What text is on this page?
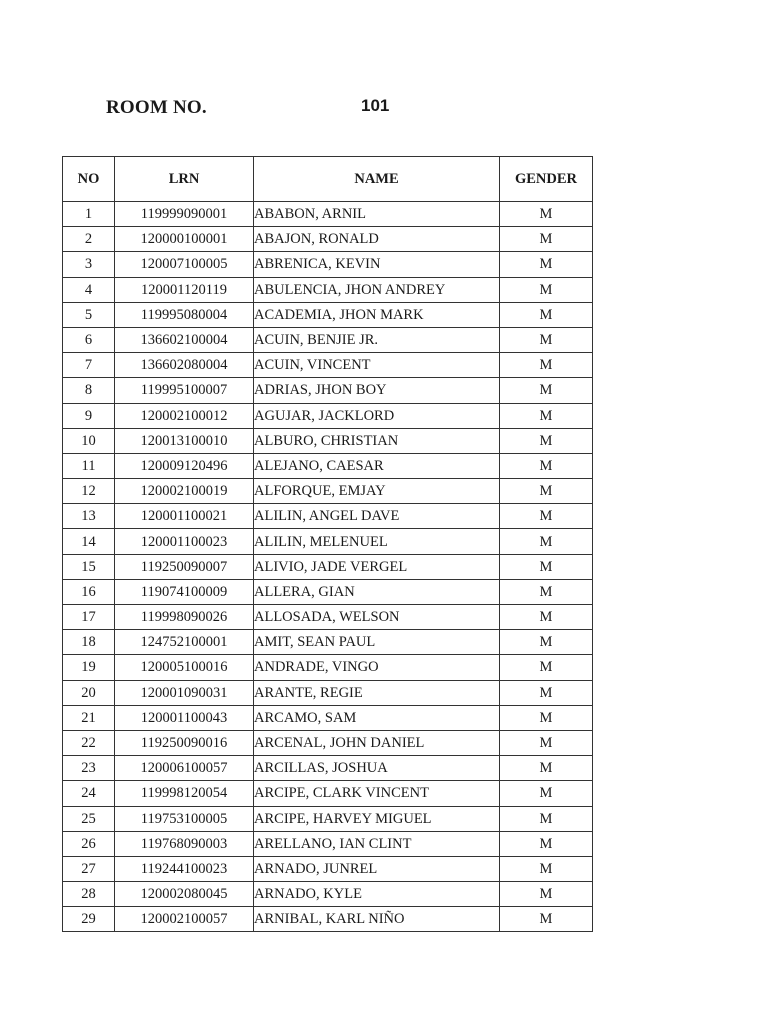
ROOM NO.	101
NO	LRN	NAME	GENDER
1	119999090001	ABABON, ARNIL	M
2	120000100001	ABAJON, RONALD	M
3	120007100005	ABRENICA, KEVIN	M
4	120001120119	ABULENCIA, JHON ANDREY	M
5	119995080004	ACADEMIA, JHON MARK	M
6	136602100004	ACUIN, BENJIE JR.	M
7	136602080004	ACUIN, VINCENT	M
8	119995100007	ADRIAS, JHON BOY	M
9	120002100012	AGUJAR, JACKLORD	M
10	120013100010	ALBURO, CHRISTIAN	M
11	120009120496	ALEJANO, CAESAR	M
12	120002100019	ALFORQUE, EMJAY	M
13	120001100021	ALILIN, ANGEL DAVE	M
14	120001100023	ALILIN, MELENUEL	M
15	119250090007	ALIVIO, JADE VERGEL	M
16	119074100009	ALLERA, GIAN	M
17	119998090026	ALLOSADA, WELSON	M
18	124752100001	AMIT, SEAN PAUL	M
19	120005100016	ANDRADE, VINGO	M
20	120001090031	ARANTE, REGIE	M
21	120001100043	ARCAMO, SAM	M
22	119250090016	ARCENAL, JOHN DANIEL	M
23	120006100057	ARCILLAS, JOSHUA	M
24	119998120054	ARCIPE, CLARK VINCENT	M
25	119753100005	ARCIPE, HARVEY MIGUEL	M
26	119768090003	ARELLANO, IAN CLINT	M
27	119244100023	ARNADO, JUNREL	M
28	120002080045	ARNADO, KYLE	M
29	120002100057	ARNIBAL, KARL NIÑO	M
